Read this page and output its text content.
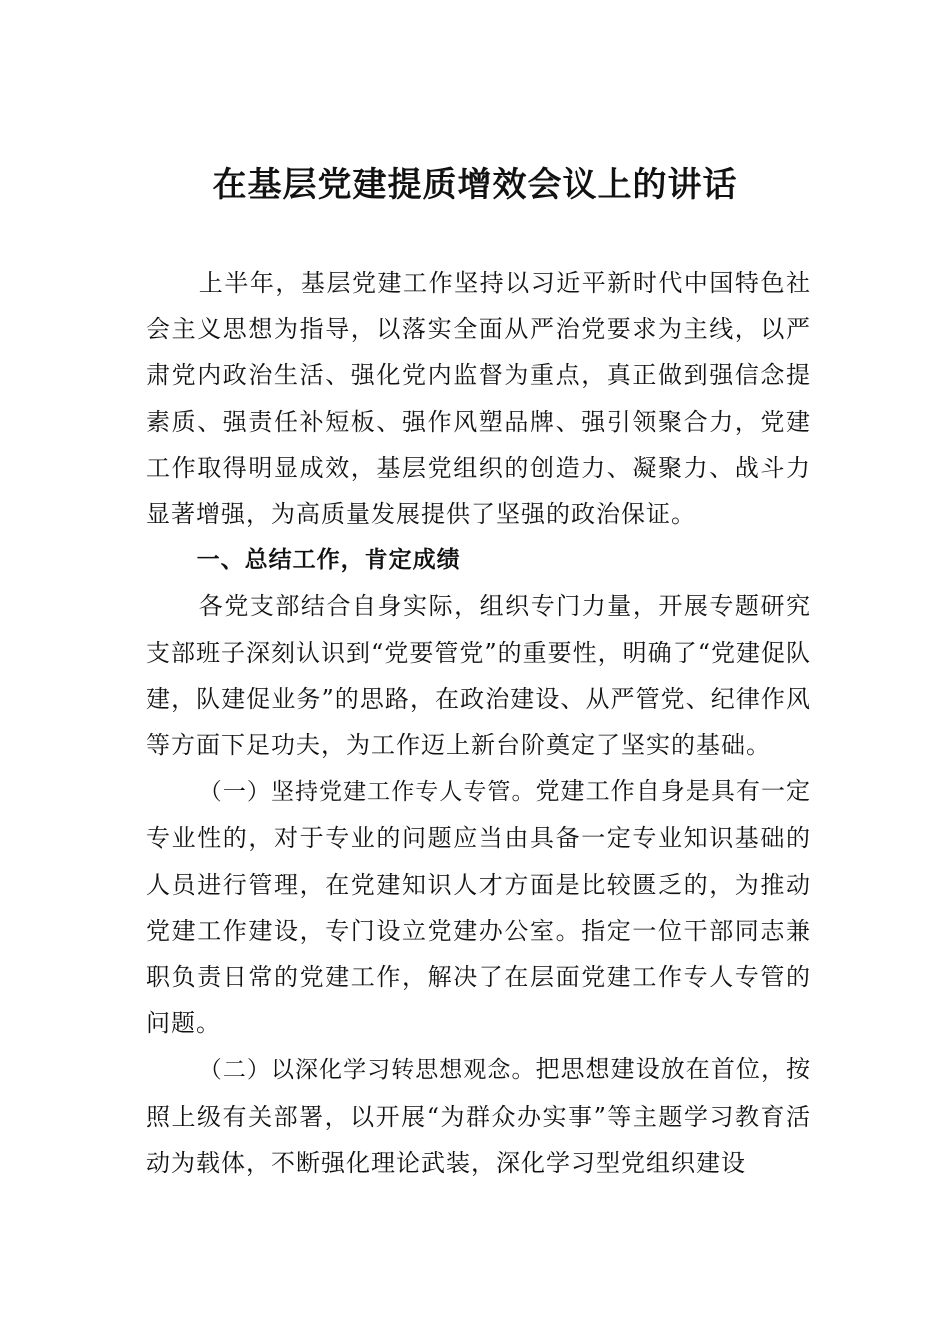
在基层党建提质增效会议上的讲话

上半年，基层党建工作坚持以习近平新时代中国特色社会主义思想为指导，以落实全面从严治党要求为主线，以严肃党内政治生活、强化党内监督为重点，真正做到强信念提素质、强责任补短板、强作风塑品牌、强引领聚合力，党建工作取得明显成效，基层党组织的创造力、凝聚力、战斗力显著增强，为高质量发展提供了坚强的政治保证。

一、总结工作，肯定成绩

各党支部结合自身实际，组织专门力量，开展专题研究支部班子深刻认识到“党要管党”的重要性，明确了“党建促队建，队建促业务”的思路，在政治建设、从严管党、纪律作风等方面下足功夫，为工作迈上新台阶奠定了坚实的基础。

（一）坚持党建工作专人专管。党建工作自身是具有一定专业性的，对于专业的问题应当由具备一定专业知识基础的人员进行管理，在党建知识人才方面是比较匮乏的，为推动党建工作建设，专门设立党建办公室。指定一位干部同志兼职负责日常的党建工作，解决了在层面党建工作专人专管的问题。

（二）以深化学习转思想观念。把思想建设放在首位，按照上级有关部署，以开展“为群众办实事”等主题学习教育活动为载体，不断强化理论武装，深化学习型党组织建设
